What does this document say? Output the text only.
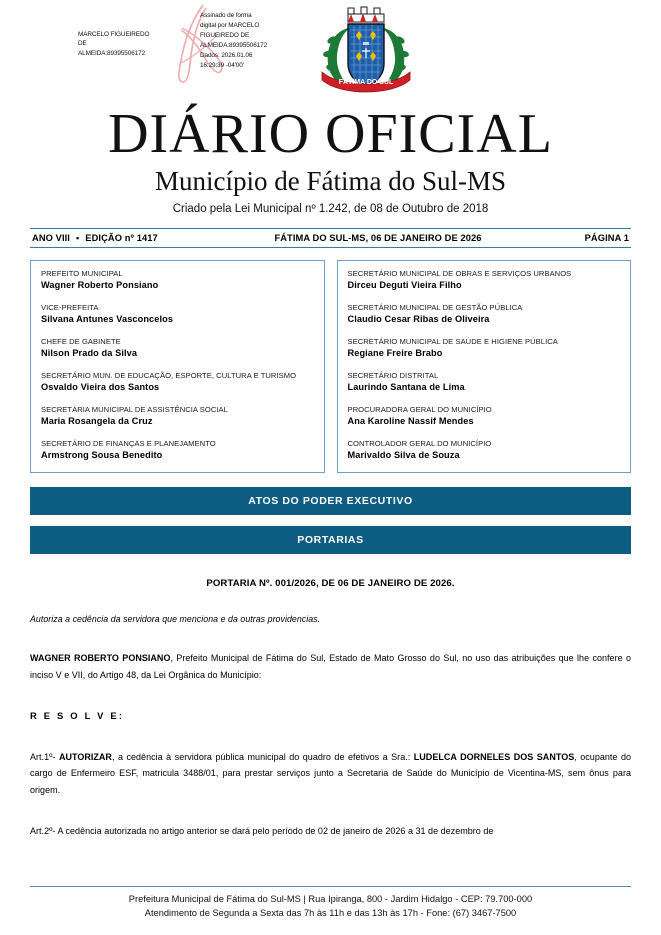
MARCELO FIGUEIREDO
DE
ALMEIDA:89395506172
Assinado de forma
digital por MARCELO
FIGUEIREDO DE
ALMEIDA:89395506172
Dados: 2026.01.06
16:29:39 -04'00'
FÁTIMA DO SUL
DIÁRIO OFICIAL
Município de Fátima do Sul-MS
Criado pela Lei Municipal nº 1.242, de 08 de Outubro de 2018
ANO VIII ▪ EDIÇÃO nº 1417	FÁTIMA DO SUL-MS, 06 DE JANEIRO DE 2026	PÁGINA 1
PREFEITO MUNICIPAL
Wagner Roberto Ponsiano
VICE-PREFEITA
Silvana Antunes Vasconcelos
CHEFE DE GABINETE
Nilson Prado da Silva
SECRETÁRIO MUN. DE EDUCAÇÃO, ESPORTE, CULTURA E TURISMO
Osvaldo Vieira dos Santos
SECRETÁRIA MUNICIPAL DE ASSISTÊNCIA SOCIAL
Maria Rosangela da Cruz
SECRETÁRIO DE FINANÇAS E PLANEJAMENTO
Armstrong Sousa Benedito
SECRETÁRIO MUNICIPAL DE OBRAS E SERVIÇOS URBANOS
Dirceu Deguti Vieira Filho
SECRETÁRIO MUNICIPAL DE GESTÃO PÚBLICA
Claudio Cesar Ribas de Oliveira
SECRETÁRIO MUNICIPAL DE SAÚDE E HIGIENE PÚBLICA
Regiane Freire Brabo
SECRETÁRIO DISTRITAL
Laurindo Santana de Lima
PROCURADORA GERAL DO MUNICÍPIO
Ana Karoline Nassif Mendes
CONTROLADOR GERAL DO MUNICÍPIO
Marivaldo Silva de Souza
ATOS DO PODER EXECUTIVO
PORTARIAS
PORTARIA Nº. 001/2026, DE 06 DE JANEIRO DE 2026.
Autoriza a cedência da servidora que menciona e da outras providencias.
WAGNER ROBERTO PONSIANO, Prefeito Municipal de Fátima do Sul, Estado de Mato Grosso do Sul, no uso das atribuições que lhe confere o inciso V e VII, do Artigo 48, da Lei Orgânica do Município:
R E S O L V E:
Art.1º- AUTORIZAR, a cedência à servidora pública municipal do quadro de efetivos a Sra.: LUDELCA DORNELES DOS SANTOS, ocupante do cargo de Enfermeiro ESF, matricula 3488/01, para prestar serviços junto a Secretaria de Saúde do Município de Vicentina-MS, sem ônus para origem.
Art.2º- A cedência autorizada no artigo anterior se dará pelo período de 02 de janeiro de 2026 a 31 de dezembro de
Prefeitura Municipal de Fátima do Sul-MS | Rua Ipiranga, 800 - Jardim Hidalgo - CEP: 79.700-000
Atendimento de Segunda a Sexta das 7h às 11h e das 13h às 17h - Fone: (67) 3467-7500
